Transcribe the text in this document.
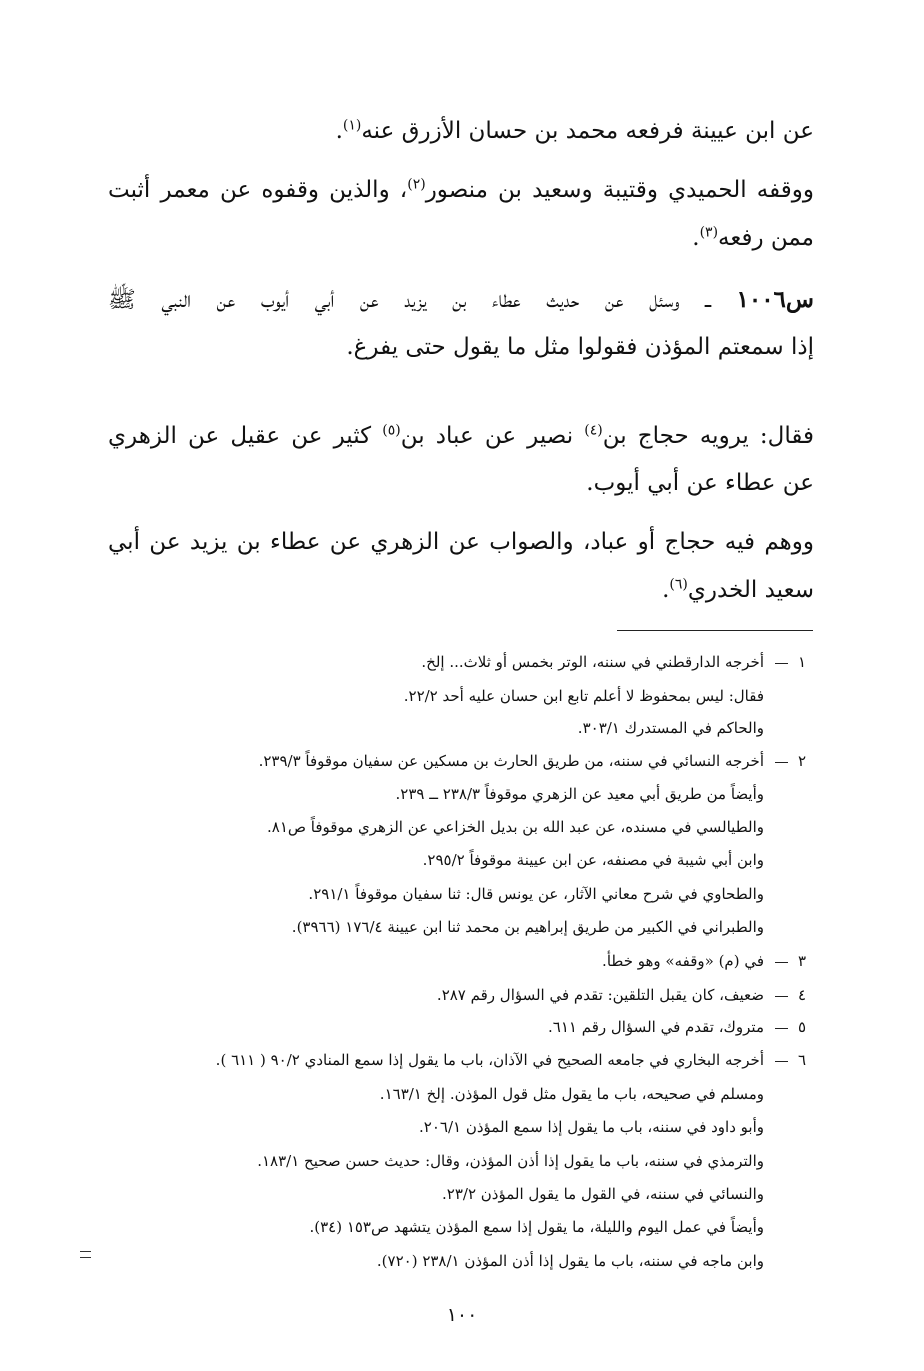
عن ابن عيينة فرفعه محمد بن حسان الأزرق عنه$^{(١)}$.
ووقفه الحميدي وقتيبة وسعيد بن منصور$^{(٢)}$، والذين وقفوه عن معمر أثبت
ممن رفعه$^{(٣)}$.
س١٠٠٦ ــ وسئل عن حديث عطاء بن يزيد عن أبي أيوب عن النبي ﷺ
إذا سمعتم المؤذن فقولوا مثل ما يقول حتى يفرغ.
فقال: يرويه حجاج بن$^{(٤)}$ نصير عن عباد بن$^{(٥)}$ كثير عن عقيل عن الزهري
عن عطاء عن أبي أيوب.
ووهم فيه حجاج أو عباد، والصواب عن الزهري عن عطاء بن يزيد عن أبي
سعيد الخدري$^{(٦)}$.
١
أخرجه الدارقطني في سننه، الوتر بخمس أو ثلاث... إلخ.
فقال: ليس بمحفوظ لا أعلم تابع ابن حسان عليه أحد ٢٢/٢.
والحاكم في المستدرك ٣٠٣/١.
٢
أخرجه النسائي في سننه، من طريق الحارث بن مسكين عن سفيان موقوفاً ٢٣٩/٣.
وأيضاً من طريق أبي معيد عن الزهري موقوفاً ٢٣٨/٣ ــ ٢٣٩.
والطيالسي في مسنده، عن عبد الله بن بديل الخزاعي عن الزهري موقوفاً ص٨١.
وابن أبي شيبة في مصنفه، عن ابن عيينة موقوفاً ٢٩٥/٢.
والطحاوي في شرح معاني الآثار، عن يونس قال: ثنا سفيان موقوفاً ٢٩١/١.
والطبراني في الكبير من طريق إبراهيم بن محمد ثنا ابن عيينة ١٧٦/٤ (٣٩٦٦).
٣
في (م) «وقفه» وهو خطأ.
٤
ضعيف، كان يقبل التلقين: تقدم في السؤال رقم ٢٨٧.
٥
متروك، تقدم في السؤال رقم ٦١١.
٦
أخرجه البخاري في جامعه الصحيح في الآذان، باب ما يقول إذا سمع المنادي ٩٠/٢ ( ٦١١ ).
ومسلم في صحيحه، باب ما يقول مثل قول المؤذن. إلخ ١٦٣/١.
وأبو داود في سننه، باب ما يقول إذا سمع المؤذن ٢٠٦/١.
والترمذي في سننه، باب ما يقول إذا أذن المؤذن، وقال: حديث حسن صحيح ١٨٣/١.
والنسائي في سننه، في القول ما يقول المؤذن ٢٣/٢.
وأيضاً في عمل اليوم والليلة، ما يقول إذا سمع المؤذن يتشهد ص١٥٣ (٣٤).
وابن ماجه في سننه، باب ما يقول إذا أذن المؤذن ٢٣٨/١ (٧٢٠).
١٠٠
